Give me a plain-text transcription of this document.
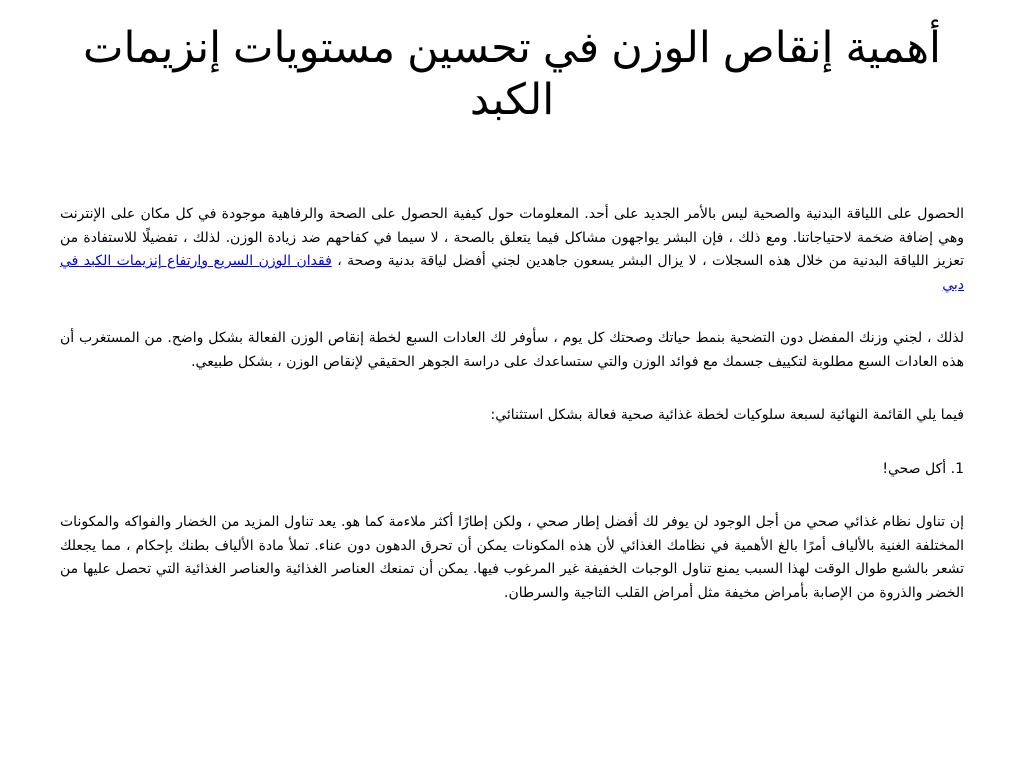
أهمية إنقاص الوزن في تحسين مستويات إنزيمات الكبد

الحصول على اللياقة البدنية والصحية ليس بالأمر الجديد على أحد. المعلومات حول كيفية الحصول على الصحة والرفاهية موجودة في كل مكان على الإنترنت وهي إضافة ضخمة لاحتياجاتنا. ومع ذلك ، فإن البشر يواجهون مشاكل فيما يتعلق بالصحة ، لا سيما في كفاحهم ضد زيادة الوزن. لذلك ، تفضيلًا للاستفادة من تعزيز اللياقة البدنية من خلال هذه السجلات ، لا يزال البشر يسعون جاهدين لجني أفضل لياقة بدنية وصحة ، فقدان الوزن السريع وارتفاع إنزيمات الكبد في دبي

لذلك ، لجني وزنك المفضل دون التضحية بنمط حياتك وصحتك كل يوم ، سأوفر لك العادات السبع لخطة إنقاص الوزن الفعالة بشكل واضح. من المستغرب أن هذه العادات السبع مطلوبة لتكييف جسمك مع فوائد الوزن والتي ستساعدك على دراسة الجوهر الحقيقي لإنقاص الوزن ، بشكل طبيعي.

فيما يلي القائمة النهائية لسبعة سلوكيات لخطة غذائية صحية فعالة بشكل استثنائي:

1. أكل صحي!

إن تناول نظام غذائي صحي من أجل الوجود لن يوفر لك أفضل إطار صحي ، ولكن إطارًا أكثر ملاءمة كما هو. يعد تناول المزيد من الخضار والفواكه والمكونات المختلفة الغنية بالألياف أمرًا بالغ الأهمية في نظامك الغذائي لأن هذه المكونات يمكن أن تحرق الدهون دون عناء. تملأ مادة الألياف بطنك بإحكام ، مما يجعلك تشعر بالشبع طوال الوقت لهذا السبب يمنع تناول الوجبات الخفيفة غير المرغوب فيها. يمكن أن تمنعك العناصر الغذائية والعناصر الغذائية التي تحصل عليها من الخضر والذروة من الإصابة بأمراض مخيفة مثل أمراض القلب التاجية والسرطان.
